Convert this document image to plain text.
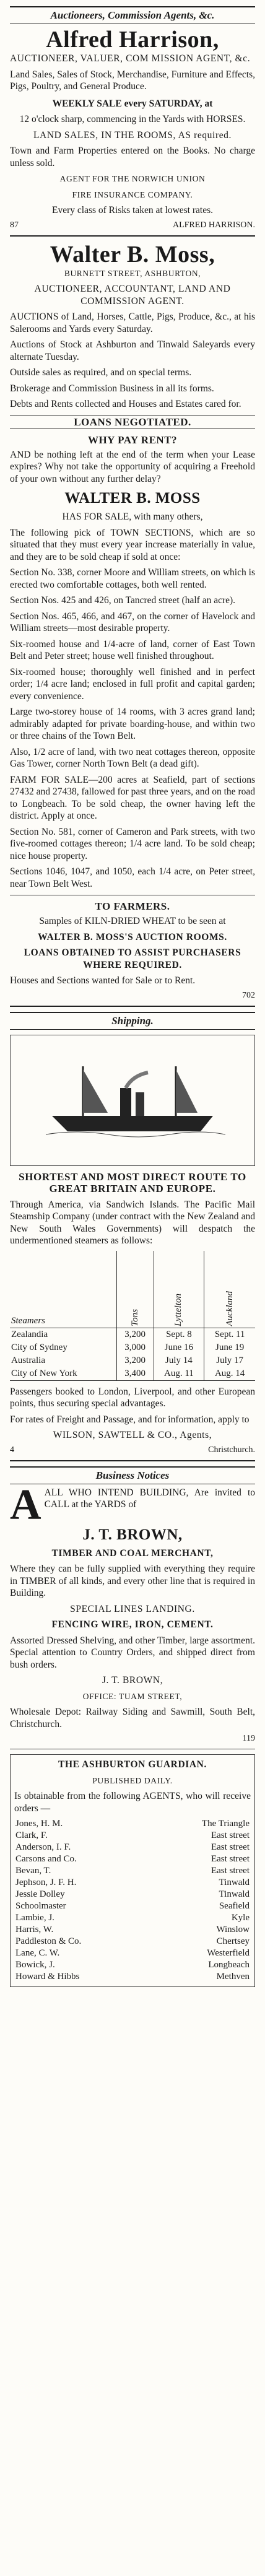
Auctioneers, Commission Agents, &c.
Alfred Harrison,

AUCTIONEER, VALUER, COM MISSION AGENT, &c.

Land Sales, Sales of Stock, Merchandise, Furniture and Effects, Pigs, Poultry, and General Produce.

WEEKLY SALE every SATURDAY, at

12 o'clock sharp, commencing in the Yards with HORSES.

LAND SALES, IN THE ROOMS, AS required.

Town and Farm Properties entered on the Books. No charge unless sold.

AGENT FOR THE NORWICH UNION

FIRE INSURANCE COMPANY.

Every class of Risks taken at lowest rates.

87	ALFRED HARRISON.
Walter B. Moss,

BURNETT STREET, ASHBURTON,

AUCTIONEER, ACCOUNTANT, LAND AND COMMISSION AGENT.

AUCTIONS of Land, Horses, Cattle, Pigs, Produce, &c., at his Salerooms and Yards every Saturday.

Auctions of Stock at Ashburton and Tinwald Saleyards every alternate Tuesday.

Outside sales as required, and on special terms.

Brokerage and Commission Business in all its forms.

Debts and Rents collected and Houses and Estates cared for.

LOANS NEGOTIATED.
WHY PAY RENT?

AND be nothing left at the end of the term when your Lease expires? Why not take the opportunity of acquiring a Freehold of your own without any further delay?

WALTER B. MOSS

HAS FOR SALE, with many others,

The following pick of TOWN SECTIONS, which are so situated that they must every year increase materially in value, and they are to be sold cheap if sold at once:

Section No. 338, corner Moore and William streets, on which is erected two comfortable cottages, both well rented.

Section Nos. 425 and 426, on Tancred street (half an acre).

Section Nos. 465, 466, and 467, on the corner of Havelock and William streets—most desirable property.

Six-roomed house and 1/4-acre of land, corner of East Town Belt and Peter street; house well finished throughout.

Six-roomed house; thoroughly well finished and in perfect order; 1/4 acre land; enclosed in full profit and capital garden; every convenience.

Large two-storey house of 14 rooms, with 3 acres grand land; admirably adapted for private boarding-house, and within two or three chains of the Town Belt.

Also, 1/2 acre of land, with two neat cottages thereon, opposite Gas Tower, corner North Town Belt (a dead gift).

FARM FOR SALE—200 acres at Seafield, part of sections 27432 and 27438, fallowed for past three years, and on the road to Longbeach. To be sold cheap, the owner having left the district. Apply at once.

Section No. 581, corner of Cameron and Park streets, with two five-roomed cottages thereon; 1/4 acre land. To be sold cheap; nice house property.

Sections 1046, 1047, and 1050, each 1/4 acre, on Peter street, near Town Belt West.

TO FARMERS.

Samples of KILN-DRIED WHEAT to be seen at

WALTER B. MOSS'S AUCTION ROOMS.

LOANS OBTAINED TO ASSIST PURCHASERS WHERE REQUIRED.

Houses and Sections wanted for Sale or to Rent.

702
Shipping.

SHORTEST AND MOST DIRECT ROUTE TO GREAT BRITAIN AND EUROPE.

Through America, via Sandwich Islands. The Pacific Mail Steamship Company (under contract with the New Zealand and New South Wales Governments) will despatch the undermentioned steamers as follows:

Steamers	Tons	Lyttelton	Auckland

Zealandia	3,200	Sept. 8	Sept. 11
City of Sydney	3,000	June 16	June 19
Australia	3,200	July 14	July 17
City of New York	3,400	Aug. 11	Aug. 14

Passengers booked to London, Liverpool, and other European points, thus securing special advantages.

For rates of Freight and Passage, and for information, apply to

WILSON, SAWTELL & CO., Agents,

4	Christchurch.
Business Notices

AALL WHO INTEND BUILDING, Are invited to CALL at the YARDS of

J. T. BROWN,

TIMBER AND COAL MERCHANT,

Where they can be fully supplied with everything they require in TIMBER of all kinds, and every other line that is required in Building.

SPECIAL LINES LANDING.

FENCING WIRE, IRON, CEMENT.

Assorted Dressed Shelving, and other Timber, large assortment. Special attention to Country Orders, and shipped direct from bush orders.

J. T. BROWN,

OFFICE: TUAM STREET,

Wholesale Depot: Railway Siding and Sawmill, South Belt, Christchurch.

119

THE ASHBURTON GUARDIAN.

PUBLISHED DAILY.

Is obtainable from the following AGENTS, who will receive orders —

Jones, H. M.	The Triangle
Clark, F.	East street
Anderson, I. F.	East street
Carsons and Co.	East street
Bevan, T.	East street
Jephson, J. F. H.	Tinwald
Jessie Dolley	Tinwald
Schoolmaster	Seafield
Lambie, J.	Kyle
Harris, W.	Winslow
Paddleston & Co.	Chertsey
Lane, C. W.	Westerfield
Bowick, J.	Longbeach
Howard & Hibbs	Methven
